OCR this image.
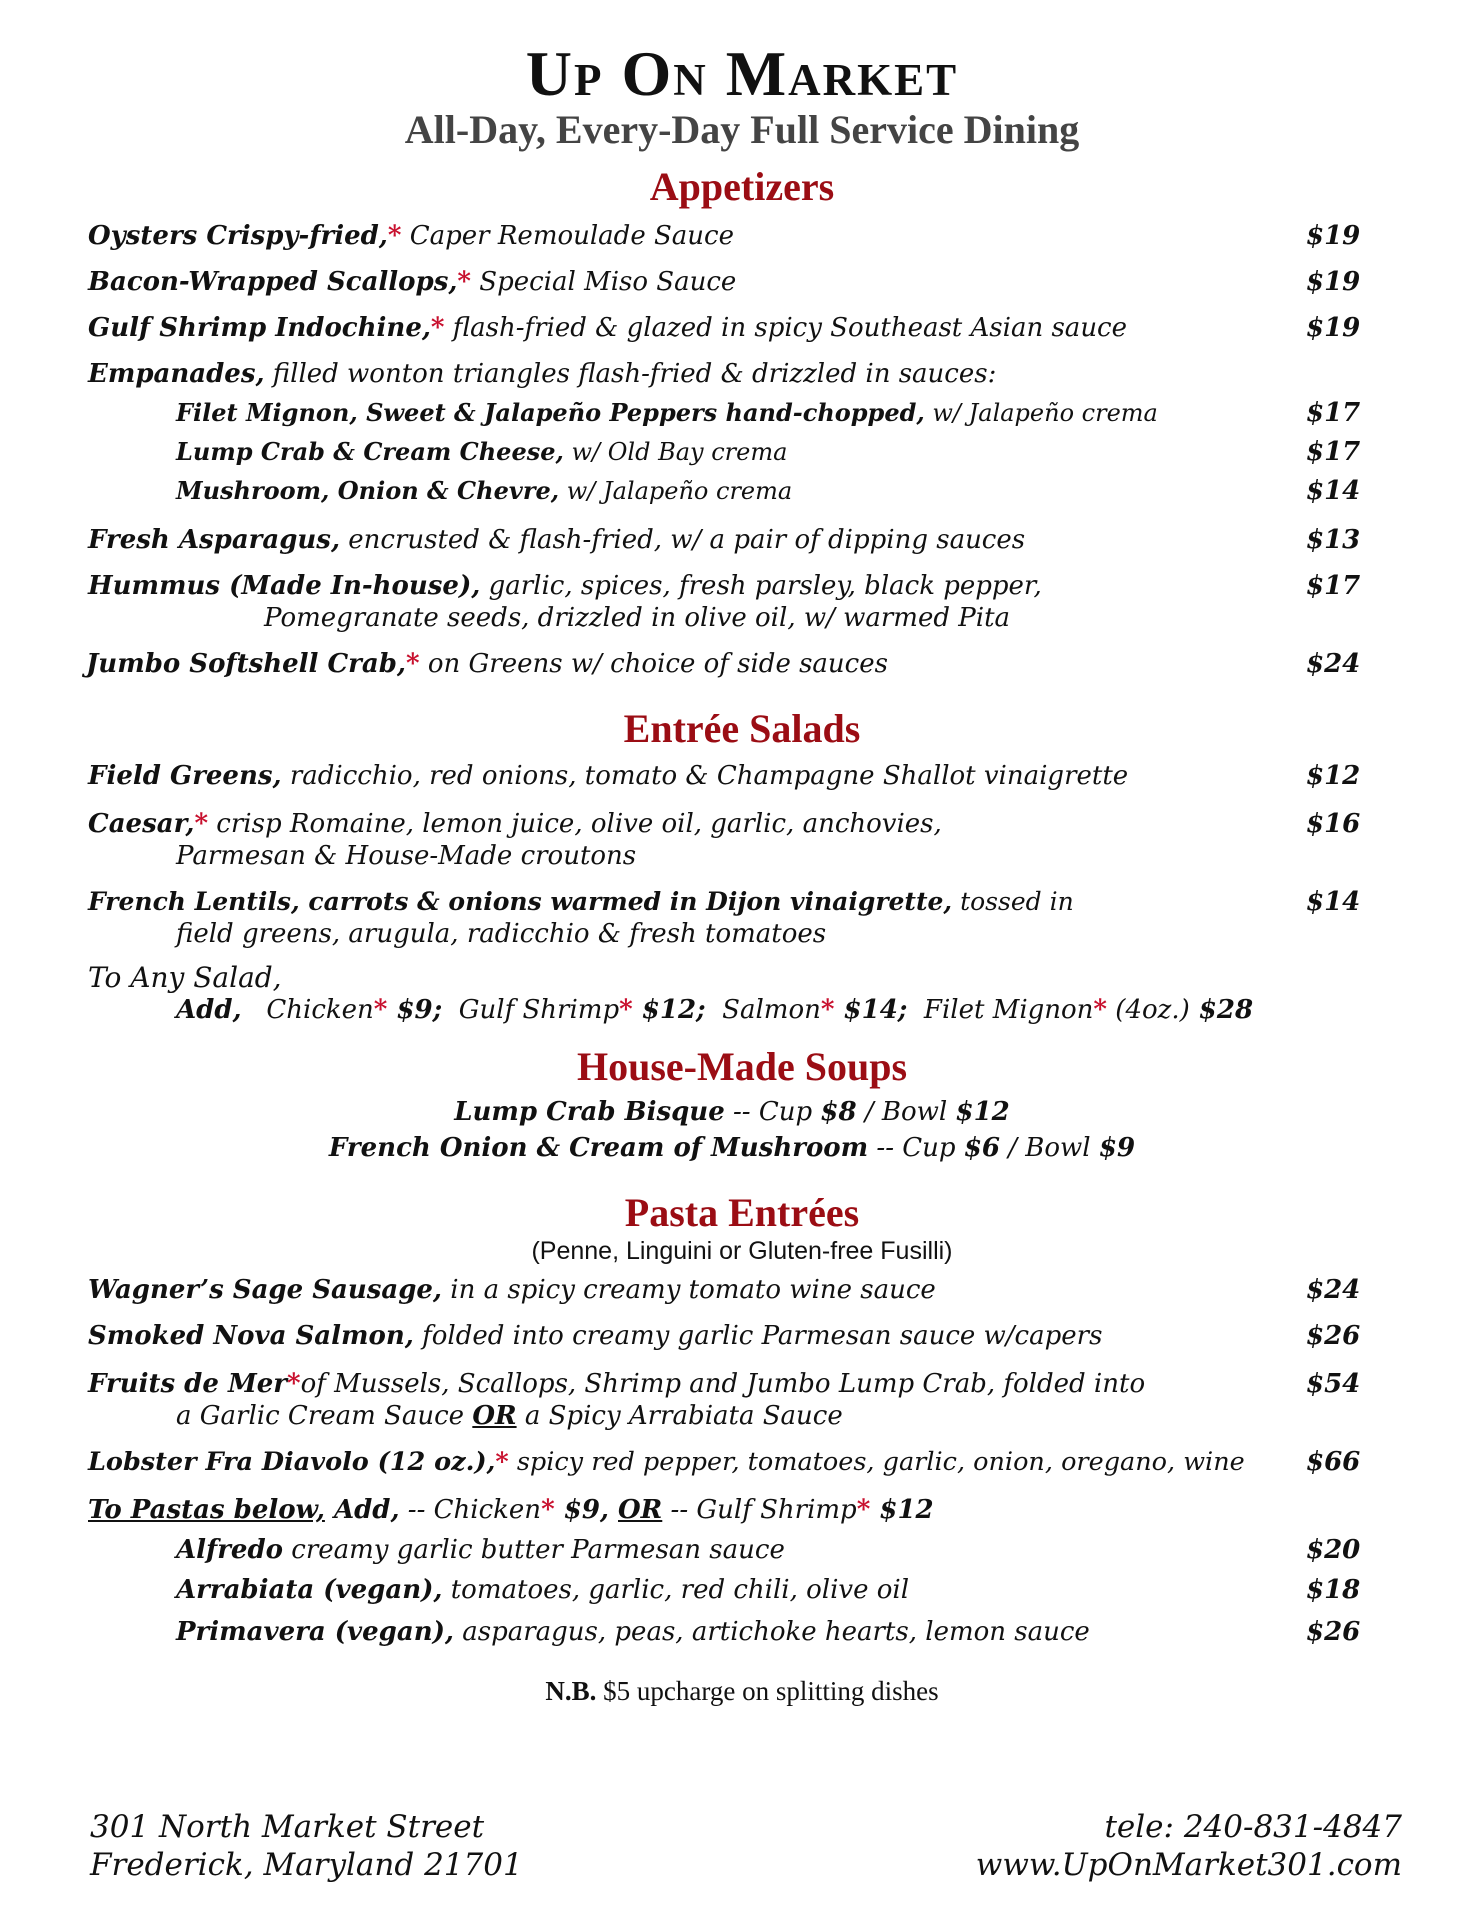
Up On Market
All-Day, Every-Day Full Service Dining
Appetizers
Oysters Crispy-fried,* Caper Remoulade Sauce	$19
Bacon-Wrapped Scallops,* Special Miso Sauce	$19
Gulf Shrimp Indochine,* flash-fried & glazed in spicy Southeast Asian sauce	$19
Empanades, filled wonton triangles flash-fried & drizzled in sauces:
Filet Mignon, Sweet & Jalapeño Peppers hand-chopped, w/ Jalapeño crema	$17
Lump Crab & Cream Cheese, w/ Old Bay crema	$17
Mushroom, Onion & Chevre, w/ Jalapeño crema	$14
Fresh Asparagus, encrusted & flash-fried, w/ a pair of dipping sauces	$13
Hummus (Made In-house), garlic, spices, fresh parsley, black pepper,	$17
Pomegranate seeds, drizzled in olive oil, w/ warmed Pita
Jumbo Softshell Crab,* on Greens w/ choice of side sauces	$24
Entrée Salads
Field Greens, radicchio, red onions, tomato & Champagne Shallot vinaigrette	$12
Caesar,* crisp Romaine, lemon juice, olive oil, garlic, anchovies,	$16
Parmesan & House-Made croutons
French Lentils, carrots & onions warmed in Dijon vinaigrette, tossed in	$14
field greens, arugula, radicchio & fresh tomatoes
To Any Salad,
Add, Chicken* $9; Gulf Shrimp* $12; Salmon* $14; Filet Mignon* (4oz.) $28
House-Made Soups
Lump Crab Bisque -- Cup $8 / Bowl $12
French Onion & Cream of Mushroom -- Cup $6 / Bowl $9
Pasta Entrées
(Penne, Linguini or Gluten-free Fusilli)
Wagner’s Sage Sausage, in a spicy creamy tomato wine sauce	$24
Smoked Nova Salmon, folded into creamy garlic Parmesan sauce w/capers	$26
Fruits de Mer*of Mussels, Scallops, Shrimp and Jumbo Lump Crab, folded into	$54
a Garlic Cream Sauce OR a Spicy Arrabiata Sauce
Lobster Fra Diavolo (12 oz.),* spicy red pepper, tomatoes, garlic, onion, oregano, wine $66
To Pastas below, Add, -- Chicken* $9, OR -- Gulf Shrimp* $12
Alfredo creamy garlic butter Parmesan sauce	$20
Arrabiata (vegan), tomatoes, garlic, red chili, olive oil	$18
Primavera (vegan), asparagus, peas, artichoke hearts, lemon sauce	$26
N.B. $5 upcharge on splitting dishes
301 North Market Street
Frederick, Maryland 21701
tele: 240-831-4847
www.UpOnMarket301.com
